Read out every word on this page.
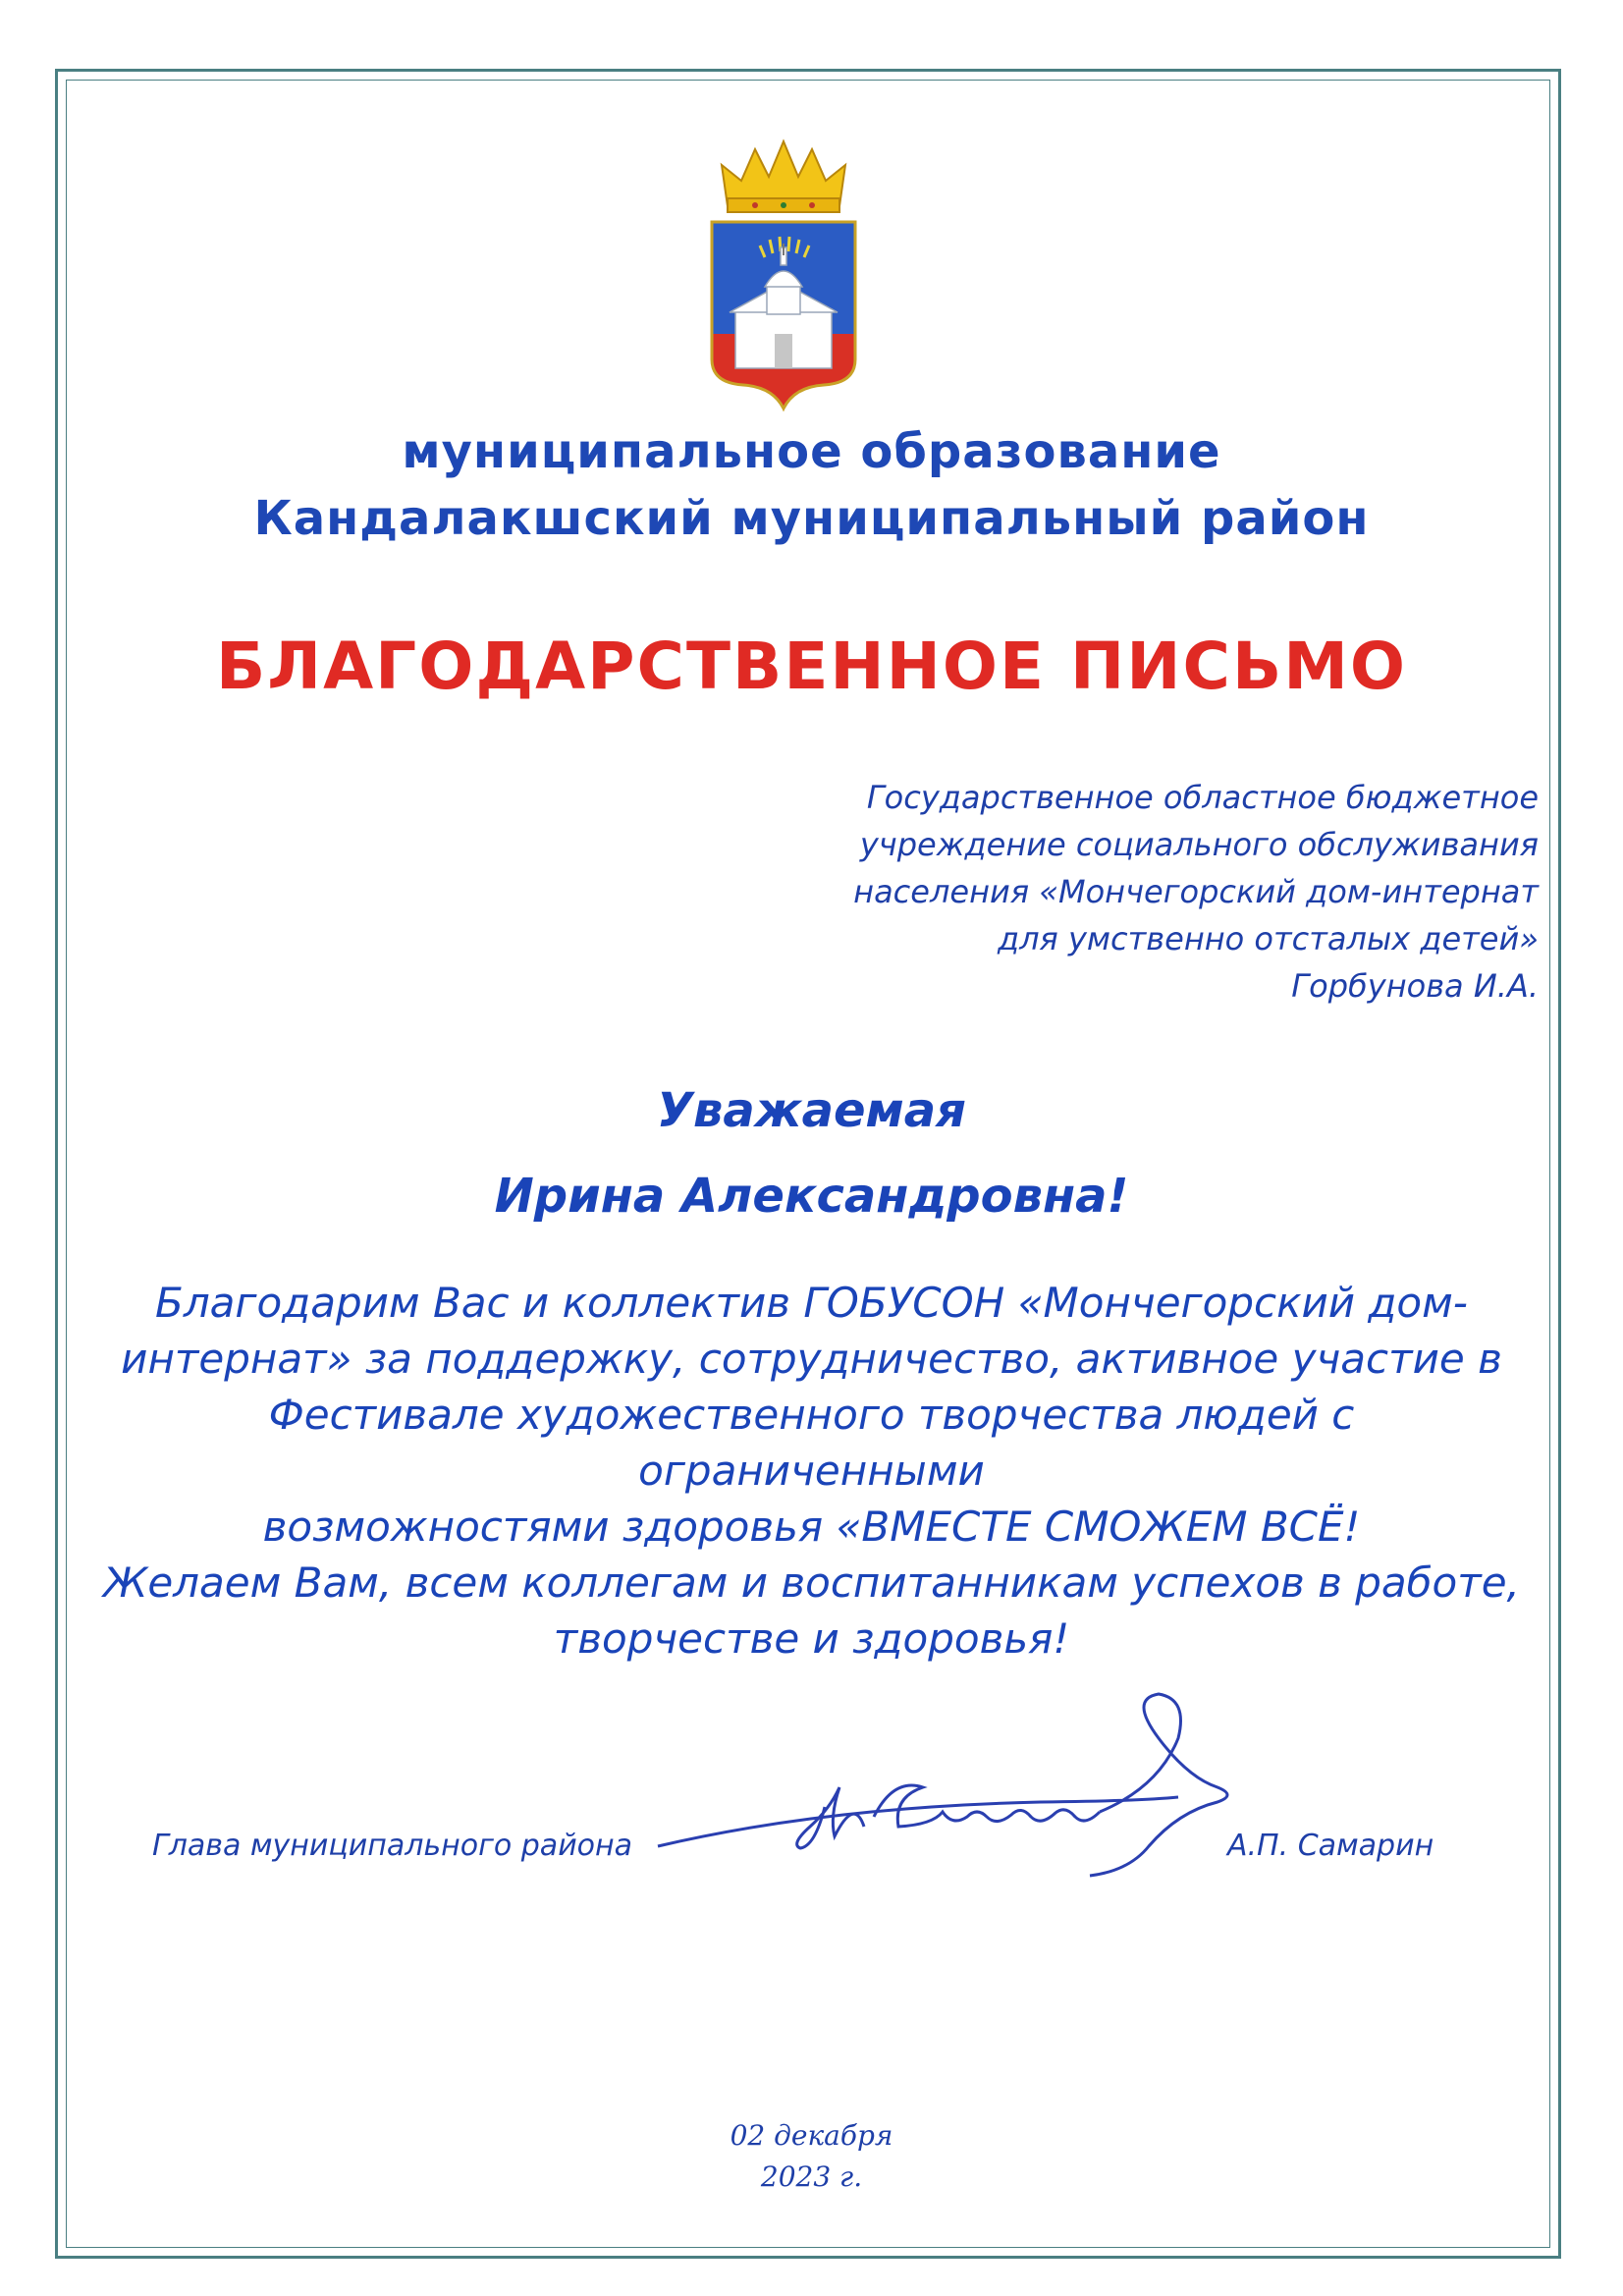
муниципальное образование
Кандалакшский муниципальный район
БЛАГОДАРСТВЕННОЕ ПИСЬМО
Государственное областное бюджетное
учреждение социального обслуживания
населения «Мончегорский дом-интернат
для умственно отсталых детей»
Горбунова И.А.
Уважаемая
Ирина Александровна!
Благодарим Вас и коллектив ГОБУСОН «Мончегорский дом-
интернат» за поддержку, сотрудничество, активное участие в
Фестивале художественного творчества людей с ограниченными
возможностями здоровья «ВМЕСТЕ СМОЖЕМ ВСЁ!
Желаем Вам, всем коллегам и воспитанникам успехов в работе,
творчестве и здоровья!
Глава муниципального района	А.П. Самарин
02 декабря
2023 г.
